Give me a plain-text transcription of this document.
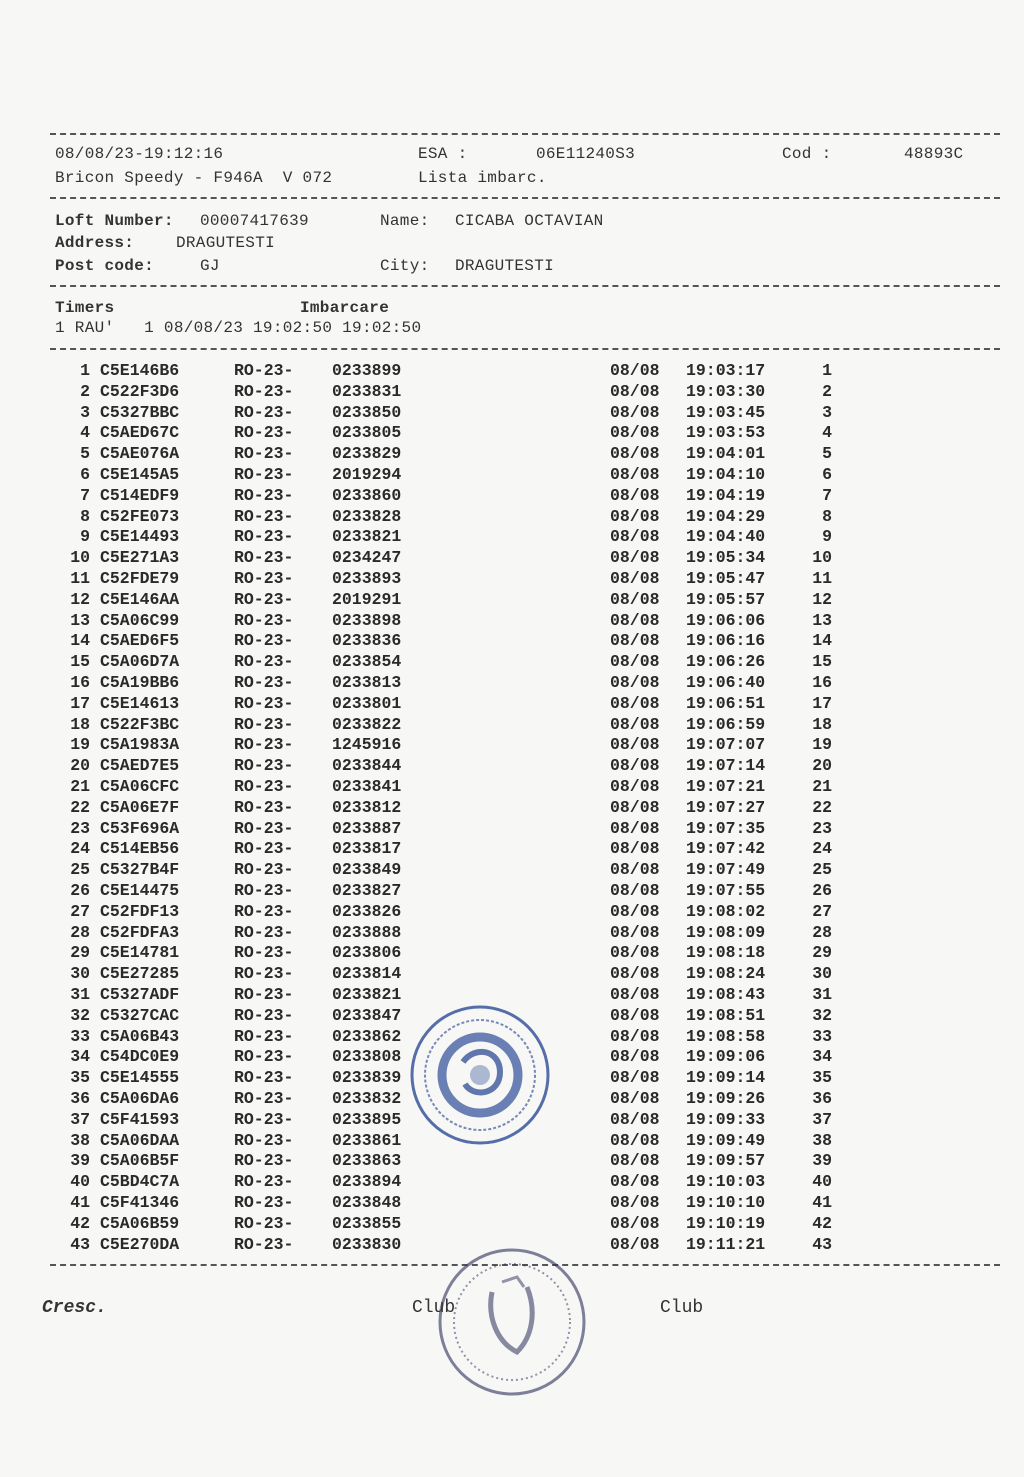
08/08/23-19:12:16	ESA :	06E11240S3	Cod :	48893C
Bricon Speedy - F946A  V 072	Lista imbarc.
Loft Number: 00007417639	Name: CICABA OCTAVIAN
Address:	DRAGUTESTI
Post code:	GJ	City: DRAGUTESTI
Timers	Imbarcare
1 RAU'   1 08/08/23 19:02:50 19:02:50
1 C5E146B6	RO-23- 0233899	08/08 19:03:17	1
2 C522F3D6	RO-23- 0233831	08/08 19:03:30	2
3 C5327BBC	RO-23- 0233850	08/08 19:03:45	3
4 C5AED67C	RO-23- 0233805	08/08 19:03:53	4
5 C5AE076A	RO-23- 0233829	08/08 19:04:01	5
6 C5E145A5	RO-23- 2019294	08/08 19:04:10	6
7 C514EDF9	RO-23- 0233860	08/08 19:04:19	7
8 C52FE073	RO-23- 0233828	08/08 19:04:29	8
9 C5E14493	RO-23- 0233821	08/08 19:04:40	9
10 C5E271A3	RO-23- 0234247	08/08 19:05:34	10
11 C52FDE79	RO-23- 0233893	08/08 19:05:47	11
12 C5E146AA	RO-23- 2019291	08/08 19:05:57	12
13 C5A06C99	RO-23- 0233898	08/08 19:06:06	13
14 C5AED6F5	RO-23- 0233836	08/08 19:06:16	14
15 C5A06D7A	RO-23- 0233854	08/08 19:06:26	15
16 C5A19BB6	RO-23- 0233813	08/08 19:06:40	16
17 C5E14613	RO-23- 0233801	08/08 19:06:51	17
18 C522F3BC	RO-23- 0233822	08/08 19:06:59	18
19 C5A1983A	RO-23- 1245916	08/08 19:07:07	19
20 C5AED7E5	RO-23- 0233844	08/08 19:07:14	20
21 C5A06CFC	RO-23- 0233841	08/08 19:07:21	21
22 C5A06E7F	RO-23- 0233812	08/08 19:07:27	22
23 C53F696A	RO-23- 0233887	08/08 19:07:35	23
24 C514EB56	RO-23- 0233817	08/08 19:07:42	24
25 C5327B4F	RO-23- 0233849	08/08 19:07:49	25
26 C5E14475	RO-23- 0233827	08/08 19:07:55	26
27 C52FDF13	RO-23- 0233826	08/08 19:08:02	27
28 C52FDFA3	RO-23- 0233888	08/08 19:08:09	28
29 C5E14781	RO-23- 0233806	08/08 19:08:18	29
30 C5E27285	RO-23- 0233814	08/08 19:08:24	30
31 C5327ADF	RO-23- 0233821	08/08 19:08:43	31
32 C5327CAC	RO-23- 0233847	08/08 19:08:51	32
33 C5A06B43	RO-23- 0233862	08/08 19:08:58	33
34 C54DC0E9	RO-23- 0233808	08/08 19:09:06	34
35 C5E14555	RO-23- 0233839	08/08 19:09:14	35
36 C5A06DA6	RO-23- 0233832	08/08 19:09:26	36
37 C5F41593	RO-23- 0233895	08/08 19:09:33	37
38 C5A06DAA	RO-23- 0233861	08/08 19:09:49	38
39 C5A06B5F	RO-23- 0233863	08/08 19:09:57	39
40 C5BD4C7A	RO-23- 0233894	08/08 19:10:03	40
41 C5F41346	RO-23- 0233848	08/08 19:10:10	41
42 C5A06B59	RO-23- 0233855	08/08 19:10:19	42
43 C5E270DA	RO-23- 0233830	08/08 19:11:21	43
Cresc.	Club	Club
